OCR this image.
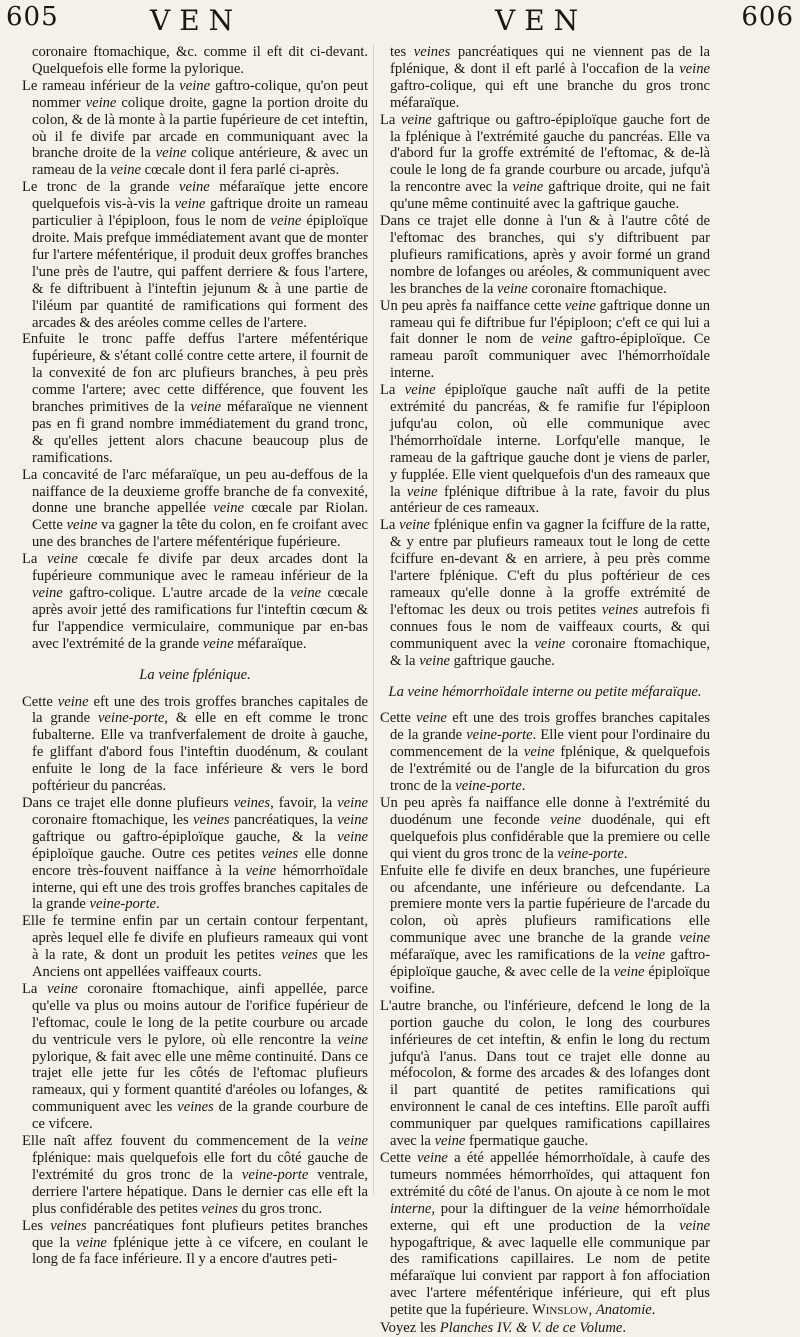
605	VEN	VEN	606

coronaire ftomachique, &c. comme il eft dit ci-devant. Quelquefois elle forme la pylorique.

Le rameau inférieur de la veine gaftro-colique, qu'on peut nommer veine colique droite, gagne la portion droite du colon, & de là monte à la partie fupérieure de cet inteftin, où il fe divife par arcade en communiquant avec la branche droite de la veine colique antérieure, & avec un rameau de la veine cœcale dont il fera parlé ci-après.

Le tronc de la grande veine méfaraïque jette encore quelquefois vis-à-vis la veine gaftrique droite un rameau particulier à l'épiploon, fous le nom de veine épiploïque droite. Mais prefque immédiatement avant que de monter fur l'artere méfentérique, il produit deux groffes branches l'une près de l'autre, qui paffent derriere & fous l'artere, & fe diftribuent à l'inteftin jejunum & à une partie de l'iléum par quantité de ramifications qui forment des arcades & des aréoles comme celles de l'artere.

Enfuite le tronc paffe deffus l'artere méfentérique fupérieure, & s'étant collé contre cette artere, il fournit de la convexité de fon arc plufieurs branches, à peu près comme l'artere; avec cette différence, que fouvent les branches primitives de la veine méfaraïque ne viennent pas en fi grand nombre immédiatement du grand tronc, & qu'elles jettent alors chacune beaucoup plus de ramifications.

La concavité de l'arc méfaraïque, un peu au-deffous de la naiffance de la deuxieme groffe branche de fa convexité, donne une branche appellée veine cœcale par Riolan. Cette veine va gagner la tête du colon, en fe croifant avec une des branches de l'artere méfentérique fupérieure.

La veine cœcale fe divife par deux arcades dont la fupérieure communique avec le rameau inférieur de la veine gaftro-colique. L'autre arcade de la veine cœcale après avoir jetté des ramifications fur l'inteftin cœcum & fur l'appendice vermiculaire, communique par en-bas avec l'extrémité de la grande veine méfaraïque.

La veine fplénique.

Cette veine eft une des trois groffes branches capitales de la grande veine-porte, & elle en eft comme le tronc fubalterne. Elle va tranfverfalement de droite à gauche, fe gliffant d'abord fous l'inteftin duodénum, & coulant enfuite le long de la face inférieure & vers le bord poftérieur du pancréas.

Dans ce trajet elle donne plufieurs veines, favoir, la veine coronaire ftomachique, les veines pancréatiques, la veine gaftrique ou gaftro-épiploïque gauche, & la veine épiploïque gauche. Outre ces petites veines elle donne encore très-fouvent naiffance à la veine hémorrhoïdale interne, qui eft une des trois groffes branches capitales de la grande veine-porte.

Elle fe termine enfin par un certain contour ferpentant, après lequel elle fe divife en plufieurs rameaux qui vont à la rate, & dont un produit les petites veines que les Anciens ont appellées vaiffeaux courts.

La veine coronaire ftomachique, ainfi appellée, parce qu'elle va plus ou moins autour de l'orifice fupérieur de l'eftomac, coule le long de la petite courbure ou arcade du ventricule vers le pylore, où elle rencontre la veine pylorique, & fait avec elle une même continuité. Dans ce trajet elle jette fur les côtés de l'eftomac plufieurs rameaux, qui y forment quantité d'aréoles ou lofanges, & communiquent avec les veines de la grande courbure de ce vifcere.

Elle naît affez fouvent du commencement de la veine fplénique: mais quelquefois elle fort du côté gauche de l'extrémité du gros tronc de la veine-porte ventrale, derriere l'artere hépatique. Dans le dernier cas elle eft la plus confidérable des petites veines du gros tronc.

Les veines pancréatiques font plufieurs petites branches que la veine fplénique jette à ce vifcere, en coulant le long de fa face inférieure. Il y a encore d'autres peti-

tes veines pancréatiques qui ne viennent pas de la fplénique, & dont il eft parlé à l'occafion de la veine gaftro-colique, qui eft une branche du gros tronc méfaraïque.

La veine gaftrique ou gaftro-épiploïque gauche fort de la fplénique à l'extrémité gauche du pancréas. Elle va d'abord fur la groffe extrémité de l'eftomac, & de-là coule le long de fa grande courbure ou arcade, jufqu'à la rencontre avec la veine gaftrique droite, qui ne fait qu'une même continuité avec la gaftrique gauche.

Dans ce trajet elle donne à l'un & à l'autre côté de l'eftomac des branches, qui s'y diftribuent par plufieurs ramifications, après y avoir formé un grand nombre de lofanges ou aréoles, & communiquent avec les branches de la veine coronaire ftomachique.

Un peu après fa naiffance cette veine gaftrique donne un rameau qui fe diftribue fur l'épiploon; c'eft ce qui lui a fait donner le nom de veine gaftro-épiploïque. Ce rameau paroît communiquer avec l'hémorrhoïdale interne.

La veine épiploïque gauche naît auffi de la petite extrémité du pancréas, & fe ramifie fur l'épiploon jufqu'au colon, où elle communique avec l'hémorrhoïdale interne. Lorfqu'elle manque, le rameau de la gaftrique gauche dont je viens de parler, y fupplée. Elle vient quelquefois d'un des rameaux que la veine fplénique diftribue à la rate, favoir du plus antérieur de ces rameaux.

La veine fplénique enfin va gagner la fciffure de la ratte, & y entre par plufieurs rameaux tout le long de cette fciffure en-devant & en arriere, à peu près comme l'artere fplénique. C'eft du plus poftérieur de ces rameaux qu'elle donne à la groffe extrémité de l'eftomac les deux ou trois petites veines autrefois fi connues fous le nom de vaiffeaux courts, & qui communiquent avec la veine coronaire ftomachique, & la veine gaftrique gauche.

La veine hémorrhoïdale interne ou petite méfaraïque.

Cette veine eft une des trois groffes branches capitales de la grande veine-porte. Elle vient pour l'ordinaire du commencement de la veine fplénique, & quelquefois de l'extrémité ou de l'angle de la bifurcation du gros tronc de la veine-porte.

Un peu après fa naiffance elle donne à l'extrémité du duodénum une feconde veine duodénale, qui eft quelquefois plus confidérable que la premiere ou celle qui vient du gros tronc de la veine-porte.

Enfuite elle fe divife en deux branches, une fupérieure ou afcendante, une inférieure ou defcendante. La premiere monte vers la partie fupérieure de l'arcade du colon, où après plufieurs ramifications elle communique avec une branche de la grande veine méfaraïque, avec les ramifications de la veine gaftro-épiploïque gauche, & avec celle de la veine épiploïque voifine.

L'autre branche, ou l'inférieure, defcend le long de la portion gauche du colon, le long des courbures inférieures de cet inteftin, & enfin le long du rectum jufqu'à l'anus. Dans tout ce trajet elle donne au méfocolon, & forme des arcades & des lofanges dont il part quantité de petites ramifications qui environnent le canal de ces inteftins. Elle paroît auffi communiquer par quelques ramifications capillaires avec la veine fpermatique gauche.

Cette veine a été appellée hémorrhoïdale, à caufe des tumeurs nommées hémorrhoïdes, qui attaquent fon extrémité du côté de l'anus. On ajoute à ce nom le mot interne, pour la diftinguer de la veine hémorrhoïdale externe, qui eft une production de la veine hypogaftrique, & avec laquelle elle communique par des ramifications capillaires. Le nom de petite méfaraïque lui convient par rapport à fon affociation avec l'artere méfentérique inférieure, qui eft plus petite que la fupérieure. WINSLOW, Anatomie.

Voyez les Planches IV. & V. de ce Volume.
